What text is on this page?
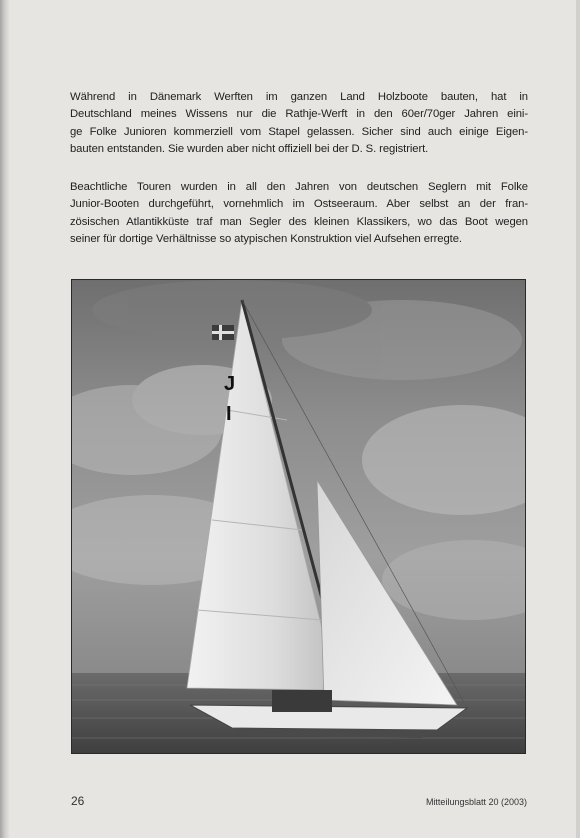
Während in Dänemark Werften im ganzen Land Holzboote bauten, hat in
Deutschland meines Wissens nur die Rathje-Werft in den 60er/70ger Jahren eini-
ge Folke Junioren kommerziell vom Stapel gelassen. Sicher sind auch einige Eigen-
bauten entstanden. Sie wurden aber nicht offiziell bei der D. S. registriert.

Beachtliche Touren wurden in all den Jahren von deutschen Seglern mit Folke
Junior-Booten durchgeführt, vornehmlich im Ostseeraum. Aber selbst an der fran-
zösischen Atlantikküste traf man Segler des kleinen Klassikers, wo das Boot wegen
seiner für dortige Verhältnisse so atypischen Konstruktion viel Aufsehen erregte.

J
I
26	Mitteilungsblatt 20 (2003)
